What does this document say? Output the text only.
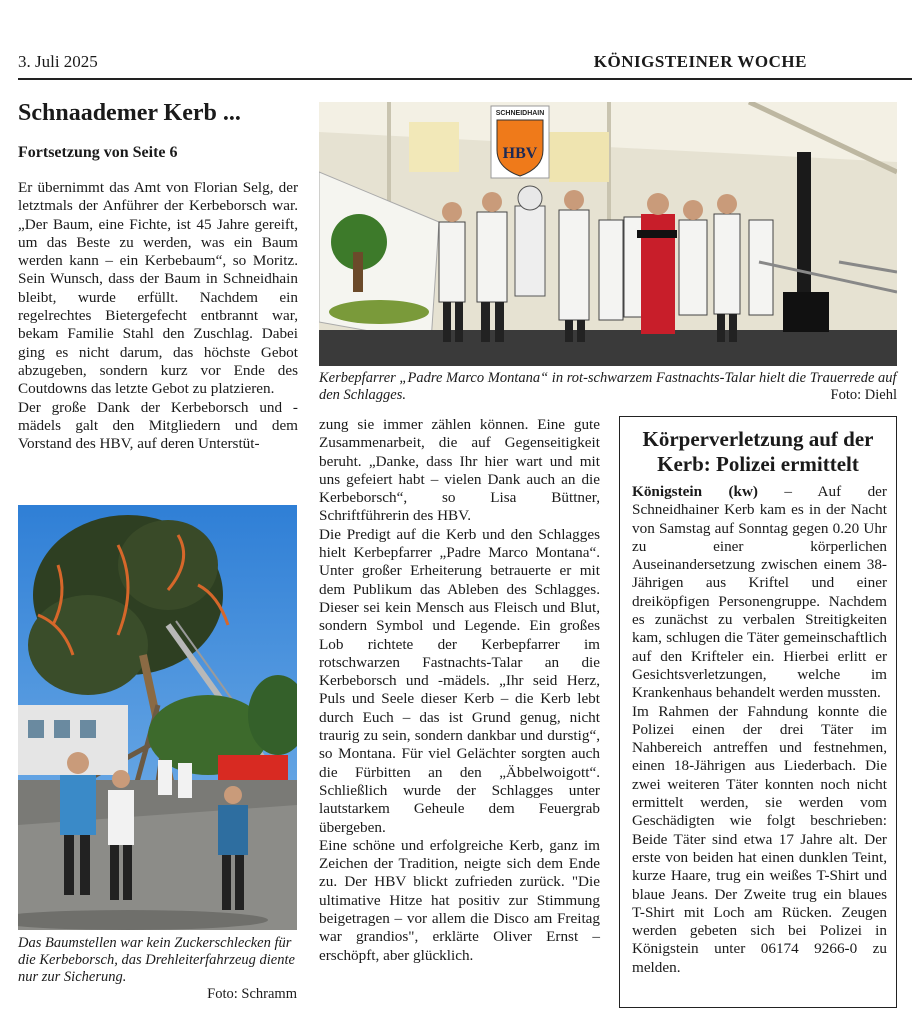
3. Juli 2025	KÖNIGSTEINER WOCHE
Schnaademer Kerb ...
Fortsetzung von Seite 6

Er übernimmt das Amt von Florian Selg, der letztmals der Anführer der Kerbeborsch war. „Der Baum, eine Fichte, ist 45 Jahre gereift, um das Beste zu werden, was ein Baum werden kann – ein Kerbebaum“, so Moritz. Sein Wunsch, dass der Baum in Schneidhain bleibt, wurde erfüllt. Nachdem ein regelrechtes Bietergefecht entbrannt war, bekam Familie Stahl den Zuschlag. Dabei ging es nicht darum, das höchste Gebot abzugeben, sondern kurz vor Ende des Coutdowns das letzte Gebot zu platzieren.

Der große Dank der Kerbeborsch und -mädels galt den Mitgliedern und dem Vorstand des HBV, auf deren Unterstüt-

SCHNEIDHAIN
HBV
Kerbepfarrer „Padre Marco Montana“ in rot-schwarzem Fastnachts-Talar hielt die Trauerrede auf den Schlagges.	Foto: Diehl
Das Baumstellen war kein Zuckerschlecken für die Kerbeborsch, das Drehleiterfahrzeug diente nur zur Sicherung.
Foto: Schramm

zung sie immer zählen können. Eine gute Zusammenarbeit, die auf Gegenseitigkeit beruht. „Danke, dass Ihr hier wart und mit uns gefeiert habt – vielen Dank auch an die Kerbeborsch“, so Lisa Büttner, Schriftführerin des HBV.

Die Predigt auf die Kerb und den Schlagges hielt Kerbepfarrer „Padre Marco Montana“. Unter großer Erheiterung betrauerte er mit dem Publikum das Ableben des Schlagges. Dieser sei kein Mensch aus Fleisch und Blut, sondern Symbol und Legende. Ein großes Lob richtete der Kerbepfarrer im rotschwarzen Fastnachts-Talar an die Kerbeborsch und -mädels. „Ihr seid Herz, Puls und Seele dieser Kerb – die Kerb lebt durch Euch – das ist Grund genug, nicht traurig zu sein, sondern dankbar und durstig“, so Montana. Für viel Gelächter sorgten auch die Fürbitten an den „Äbbelwoigott“. Schließlich wurde der Schlagges unter lautstarkem Geheule dem Feuergrab übergeben.

Eine schöne und erfolgreiche Kerb, ganz im Zeichen der Tradition, neigte sich dem Ende zu. Der HBV blickt zufrieden zurück. "Die ultimative Hitze hat positiv zur Stimmung beigetragen – vor allem die Disco am Freitag war grandios", erklärte Oliver Ernst – erschöpft, aber glücklich.

Körperverletzung auf der Kerb: Polizei ermittelt

Königstein (kw) – Auf der Schneidhainer Kerb kam es in der Nacht von Samstag auf Sonntag gegen 0.20 Uhr zu einer körperlichen Auseinandersetzung zwischen einem 38-Jährigen aus Kriftel und einer dreiköpfigen Personengruppe. Nachdem es zunächst zu verbalen Streitigkeiten kam, schlugen die Täter gemeinschaftlich auf den Krifteler ein. Hierbei erlitt er Gesichtsverletzungen, welche im Krankenhaus behandelt werden mussten.

Im Rahmen der Fahndung konnte die Polizei einen der drei Täter im Nahbereich antreffen und festnehmen, einen 18-Jährigen aus Liederbach. Die zwei weiteren Täter konnten noch nicht ermittelt werden, sie werden vom Geschädigten wie folgt beschrieben: Beide Täter sind etwa 17 Jahre alt. Der erste von beiden hat einen dunklen Teint, kurze Haare, trug ein weißes T-Shirt und blaue Jeans. Der Zweite trug ein blaues T-Shirt mit Loch am Rücken. Zeugen werden gebeten sich bei Polizei in Königstein unter 06174 9266-0 zu melden.
